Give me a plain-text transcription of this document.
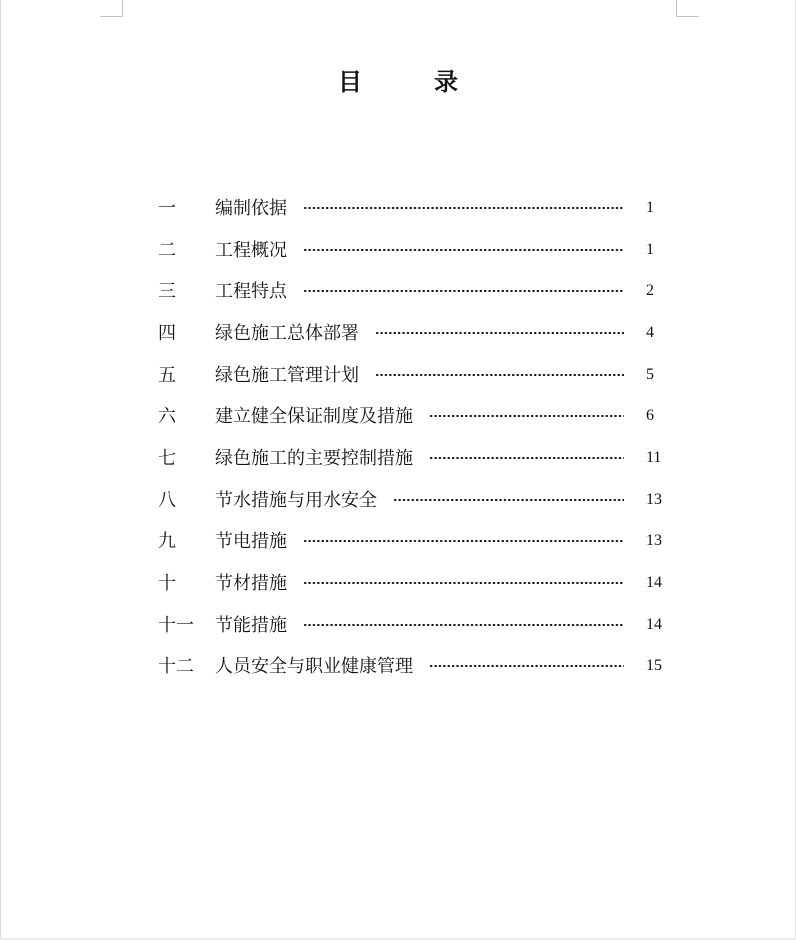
目	录
一	编制依据	1
二	工程概况	1
三	工程特点	2
四	绿色施工总体部署	4
五	绿色施工管理计划	5
六	建立健全保证制度及措施	6
七	绿色施工的主要控制措施	11
八	节水措施与用水安全	13
九	节电措施	13
十	节材措施	14
十一	节能措施	14
十二	人员安全与职业健康管理	15
